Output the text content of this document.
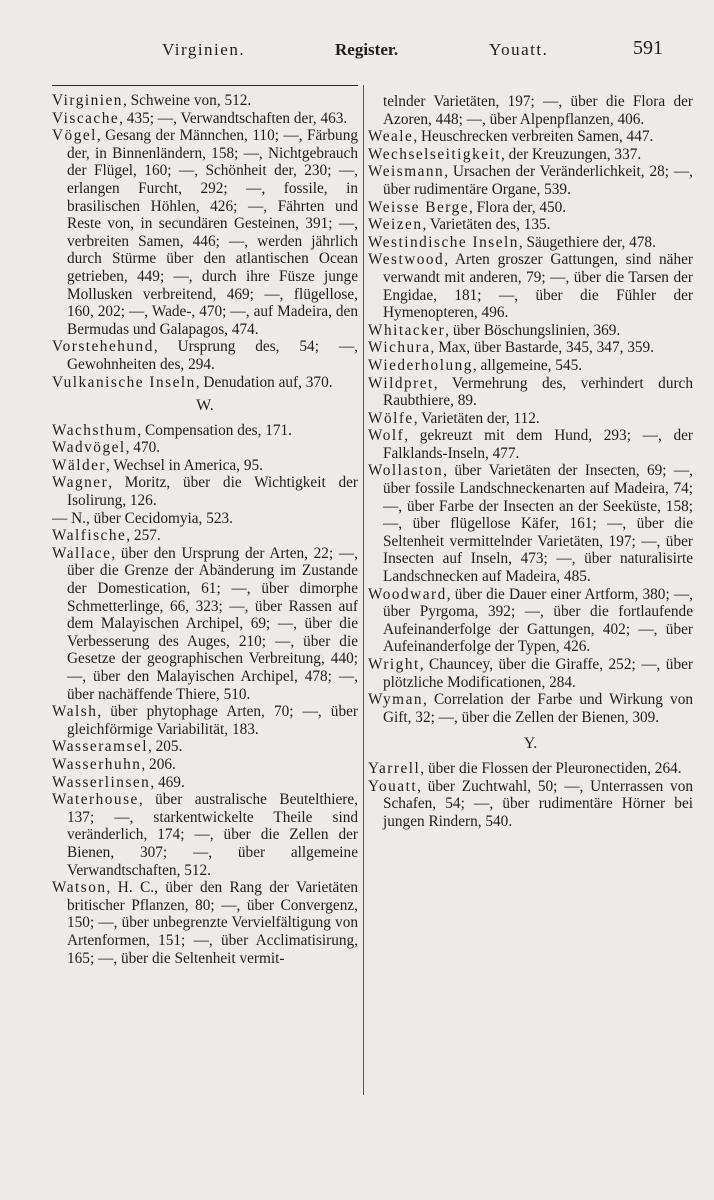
Virginien.	Register.	Youatt.	591

Virginien, Schweine von, 512.

Viscache, 435; —, Verwandtschaften der, 463.

Vögel, Gesang der Männchen, 110; —, Färbung der, in Binnenländern, 158; —, Nichtgebrauch der Flügel, 160; —, Schönheit der, 230; —, erlangen Furcht, 292; —, fossile, in brasilischen Höhlen, 426; —, Fährten und Reste von, in secundären Gesteinen, 391; —, verbreiten Samen, 446; —, werden jährlich durch Stürme über den atlantischen Ocean getrieben, 449; —, durch ihre Füsze junge Mollusken verbreitend, 469; —, flügellose, 160, 202; —, Wade-, 470; —, auf Madeira, den Bermudas und Galapagos, 474.

Vorstehehund, Ursprung des, 54; —, Gewohnheiten des, 294.

Vulkanische Inseln, Denudation auf, 370.

W.

Wachsthum, Compensation des, 171.

Wadvögel, 470.

Wälder, Wechsel in America, 95.

Wagner, Moritz, über die Wichtigkeit der Isolirung, 126.

— N., über Cecidomyia, 523.

Walfische, 257.

Wallace, über den Ursprung der Arten, 22; —, über die Grenze der Abänderung im Zustande der Domestication, 61; —, über dimorphe Schmetterlinge, 66, 323; —, über Rassen auf dem Malayischen Archipel, 69; —, über die Verbesserung des Auges, 210; —, über die Gesetze der geographischen Verbreitung, 440; —, über den Malayischen Archipel, 478; —, über nachäffende Thiere, 510.

Walsh, über phytophage Arten, 70; —, über gleichförmige Variabilität, 183.

Wasseramsel, 205.

Wasserhuhn, 206.

Wasserlinsen, 469.

Waterhouse, über australische Beutelthiere, 137; —, starkentwickelte Theile sind veränderlich, 174; —, über die Zellen der Bienen, 307; —, über allgemeine Verwandtschaften, 512.

Watson, H. C., über den Rang der Varietäten britischer Pflanzen, 80; —, über Convergenz, 150; —, über unbegrenzte Vervielfältigung von Artenformen, 151; —, über Acclimatisirung, 165; —, über die Seltenheit vermit-

telnder Varietäten, 197; —, über die Flora der Azoren, 448; —, über Alpenpflanzen, 406.

Weale, Heuschrecken verbreiten Samen, 447.

Wechselseitigkeit, der Kreuzungen, 337.

Weismann, Ursachen der Veränderlichkeit, 28; —, über rudimentäre Organe, 539.

Weisse Berge, Flora der, 450.

Weizen, Varietäten des, 135.

Westindische Inseln, Säugethiere der, 478.

Westwood, Arten groszer Gattungen, sind näher verwandt mit anderen, 79; —, über die Tarsen der Engidae, 181; —, über die Fühler der Hymenopteren, 496.

Whitacker, über Böschungslinien, 369.

Wichura, Max, über Bastarde, 345, 347, 359.

Wiederholung, allgemeine, 545.

Wildpret, Vermehrung des, verhindert durch Raubthiere, 89.

Wölfe, Varietäten der, 112.

Wolf, gekreuzt mit dem Hund, 293; —, der Falklands-Inseln, 477.

Wollaston, über Varietäten der Insecten, 69; —, über fossile Landschneckenarten auf Madeira, 74; —, über Farbe der Insecten an der Seeküste, 158; —, über flügellose Käfer, 161; —, über die Seltenheit vermittelnder Varietäten, 197; —, über Insecten auf Inseln, 473; —, über naturalisirte Landschnecken auf Madeira, 485.

Woodward, über die Dauer einer Artform, 380; —, über Pyrgoma, 392; —, über die fortlaufende Aufeinanderfolge der Gattungen, 402; —, über Aufeinanderfolge der Typen, 426.

Wright, Chauncey, über die Giraffe, 252; —, über plötzliche Modificationen, 284.

Wyman, Correlation der Farbe und Wirkung von Gift, 32; —, über die Zellen der Bienen, 309.

Y.

Yarrell, über die Flossen der Pleuronectiden, 264.

Youatt, über Zuchtwahl, 50; —, Unterrassen von Schafen, 54; —, über rudimentäre Hörner bei jungen Rindern, 540.
